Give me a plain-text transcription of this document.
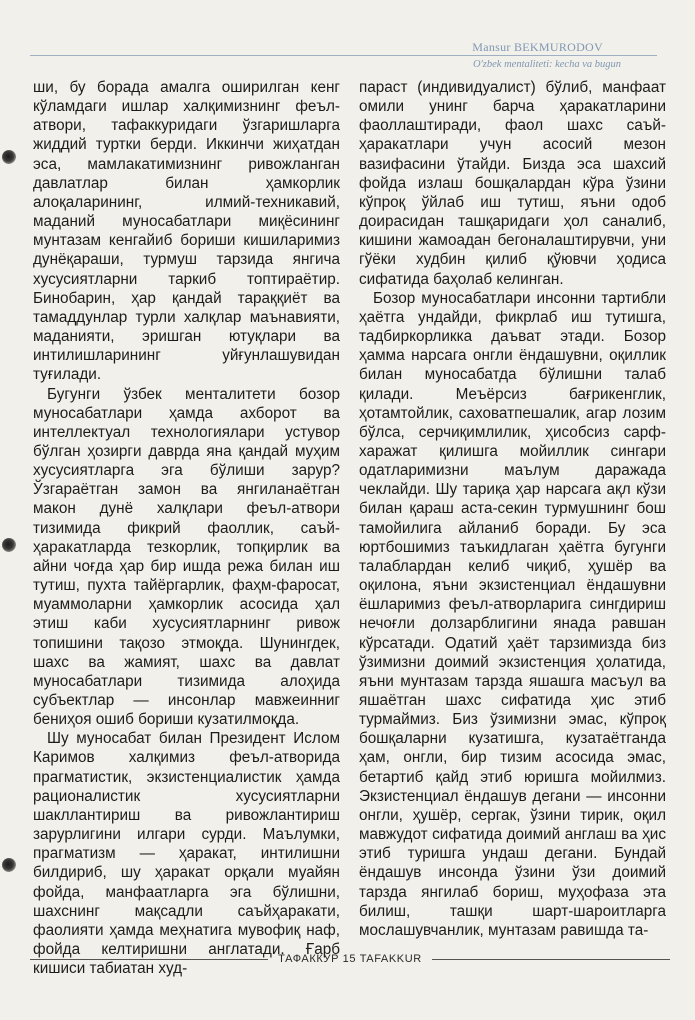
Mansur BEKMURODOV
O'zbek mentaliteti: kecha va bugun

ши, бу борада амалга оширилган кенг кўламдаги ишлар халқимизнинг феъл-атвори, тафаккуридаги ўзгаришларга жиддий туртки берди. Иккинчи жиҳатдан эса, мамлакатимизнинг ривожланган давлатлар билан ҳамкорлик алоқаларининг, илмий-техникавий, маданий муносабатлари миқёсининг мунтазам кенгайиб бориши кишиларимиз дунёқараши, турмуш тарзида янгича хусусиятларни таркиб топтираётир. Бинобарин, ҳар қандай тараққиёт ва тамаддунлар турли халқлар маънавияти, маданияти, эришган ютуқлари ва интилишларининг уйғунлашувидан туғилади.

Бугунги ўзбек менталитети бозор муносабатлари ҳамда ахборот ва интеллектуал технологиялари устувор бўлган ҳозирги даврда яна қандай муҳим хусусиятларга эга бўлиши зарур? Ўзгараётган замон ва янгиланаётган макон дунё халқлари феъл-атвори тизимида фикрий фаоллик, саъй-ҳаракатларда тезкорлик, топқирлик ва айни чоғда ҳар бир ишда режа билан иш тутиш, пухта тайёргарлик, фаҳм-фаросат, муаммоларни ҳамкорлик асосида ҳал этиш каби хусусиятларнинг ривож топишини тақозо этмоқда. Шунингдек, шахс ва жамият, шахс ва давлат муносабатлари тизимида алоҳида субъектлар — инсонлар мавжеинниг бениҳоя ошиб бориши кузатилмоқда.

Шу муносабат билан Президент Ислом Каримов халқимиз феъл-атворида прагматистик, экзистенциалистик ҳамда рационалистик хусусиятларни шакллантириш ва ривожлантириш зарурлигини илгари сурди. Маълумки, прагматизм — ҳаракат, интилишни билдириб, шу ҳаракат орқали муайян фойда, манфаатларга эга бўлишни, шахснинг мақсадли саъйҳаракати, фаолияти ҳамда меҳнатига мувофиқ наф, фойда келтиришни англатади. Ғарб кишиси табиатан худ-

параст (индивидуалист) бўлиб, манфаат омили унинг барча ҳаракатларини фаоллаштиради, фаол шахс саъй-ҳаракатлари учун асосий мезон вазифасини ўтайди. Бизда эса шахсий фойда излаш бошқалардан кўра ўзини кўпроқ ўйлаб иш тутиш, яъни одоб доирасидан ташқаридаги ҳол саналиб, кишини жамоадан бегоналаштирувчи, уни гўёки худбин қилиб қўювчи ҳодиса сифатида баҳолаб келинган.

Бозор муносабатлари инсонни тартибли ҳаётга ундайди, фикрлаб иш тутишга, тадбиркорликка даъват этади. Бозор ҳамма нарсага онгли ёндашувни, оқиллик билан муносабатда бўлишни талаб қилади. Меъёрсиз бағрикенглик, ҳотамтойлик, саховатпешалик, агар лозим бўлса, серчиқимлилик, ҳисобсиз сарф-харажат қилишга мойиллик сингари одатларимизни маълум даражада чеклайди. Шу тариқа ҳар нарсага ақл кўзи билан қараш аста-секин турмушнинг бош тамойилига айланиб боради. Бу эса юртбошимиз таъкидлаган ҳаётга бугунги талаблардан келиб чиқиб, ҳушёр ва оқилона, яъни экзистенциал ёндашувни ёшларимиз феъл-атворларига сингдириш нечоғли долзарблигини янада равшан кўрсатади. Одатий ҳаёт тарзимизда биз ўзимизни доимий экзистенция ҳолатида, яъни мунтазам тарзда яшашга масъул ва яшаётган шахс сифатида ҳис этиб турмаймиз. Биз ўзимизни эмас, кўпроқ бошқаларни кузатишга, кузатаётганда ҳам, онгли, бир тизим асосида эмас, бетартиб қайд этиб юришга мойилмиз. Экзистенциал ёндашув дегани — инсонни онгли, ҳушёр, сергак, ўзини тирик, оқил мавжудот сифатида доимий англаш ва ҳис этиб туришга ундаш дегани. Бундай ёндашув инсонда ўзини ўзи доимий тарзда янгилаб бориш, муҳофаза эта билиш, ташқи шарт-шароитларга мослашувчанлик, мунтазам равишда та-

ТАФАККУР 15 TAFAKKUR
